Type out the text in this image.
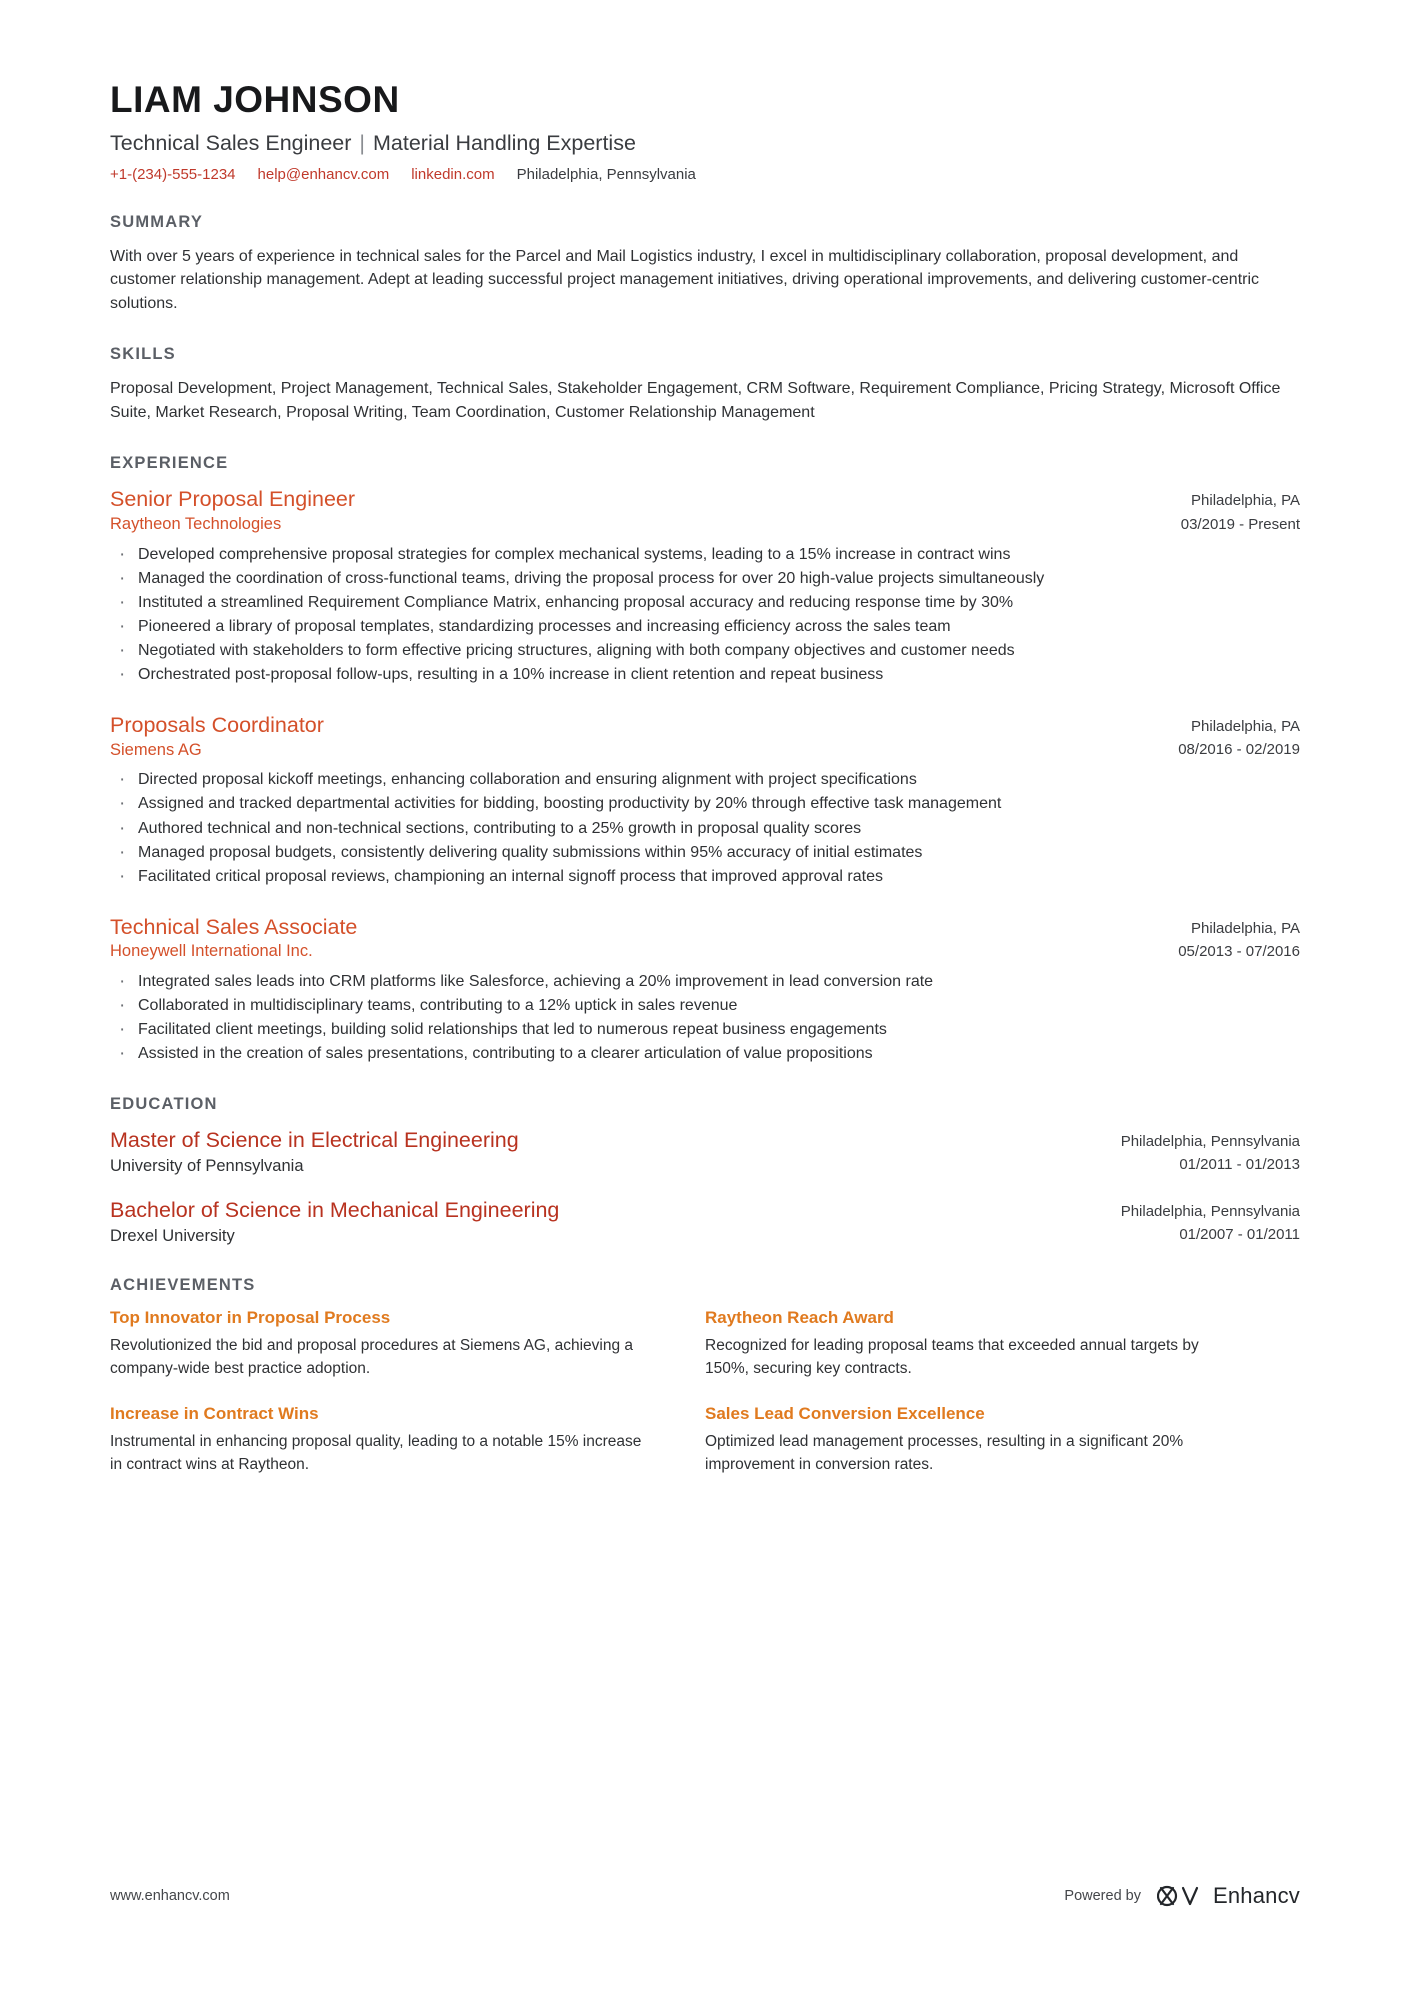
LIAM JOHNSON
Technical Sales Engineer | Material Handling Expertise
+1-(234)-555-1234 help@enhancv.com linkedin.com Philadelphia, Pennsylvania
SUMMARY
With over 5 years of experience in technical sales for the Parcel and Mail Logistics industry, I excel in multidisciplinary collaboration, proposal development, and customer relationship management. Adept at leading successful project management initiatives, driving operational improvements, and delivering customer-centric solutions.
SKILLS
Proposal Development, Project Management, Technical Sales, Stakeholder Engagement, CRM Software, Requirement Compliance, Pricing Strategy, Microsoft Office Suite, Market Research, Proposal Writing, Team Coordination, Customer Relationship Management
EXPERIENCE
Senior Proposal Engineer
Raytheon Technologies
Philadelphia, PA
03/2019 - Present
· Developed comprehensive proposal strategies for complex mechanical systems, leading to a 15% increase in contract wins
· Managed the coordination of cross-functional teams, driving the proposal process for over 20 high-value projects simultaneously
· Instituted a streamlined Requirement Compliance Matrix, enhancing proposal accuracy and reducing response time by 30%
· Pioneered a library of proposal templates, standardizing processes and increasing efficiency across the sales team
· Negotiated with stakeholders to form effective pricing structures, aligning with both company objectives and customer needs
· Orchestrated post-proposal follow-ups, resulting in a 10% increase in client retention and repeat business
Proposals Coordinator
Siemens AG
Philadelphia, PA
08/2016 - 02/2019
· Directed proposal kickoff meetings, enhancing collaboration and ensuring alignment with project specifications
· Assigned and tracked departmental activities for bidding, boosting productivity by 20% through effective task management
· Authored technical and non-technical sections, contributing to a 25% growth in proposal quality scores
· Managed proposal budgets, consistently delivering quality submissions within 95% accuracy of initial estimates
· Facilitated critical proposal reviews, championing an internal signoff process that improved approval rates
Technical Sales Associate
Honeywell International Inc.
Philadelphia, PA
05/2013 - 07/2016
· Integrated sales leads into CRM platforms like Salesforce, achieving a 20% improvement in lead conversion rate
· Collaborated in multidisciplinary teams, contributing to a 12% uptick in sales revenue
· Facilitated client meetings, building solid relationships that led to numerous repeat business engagements
· Assisted in the creation of sales presentations, contributing to a clearer articulation of value propositions
EDUCATION
Master of Science in Electrical Engineering
University of Pennsylvania
Philadelphia, Pennsylvania
01/2011 - 01/2013
Bachelor of Science in Mechanical Engineering
Drexel University
Philadelphia, Pennsylvania
01/2007 - 01/2011
ACHIEVEMENTS
Top Innovator in Proposal Process
Revolutionized the bid and proposal procedures at Siemens AG, achieving a company-wide best practice adoption.
Raytheon Reach Award
Recognized for leading proposal teams that exceeded annual targets by 150%, securing key contracts.
Increase in Contract Wins
Instrumental in enhancing proposal quality, leading to a notable 15% increase in contract wins at Raytheon.
Sales Lead Conversion Excellence
Optimized lead management processes, resulting in a significant 20% improvement in conversion rates.
www.enhancv.com	Powered by	Enhancv
